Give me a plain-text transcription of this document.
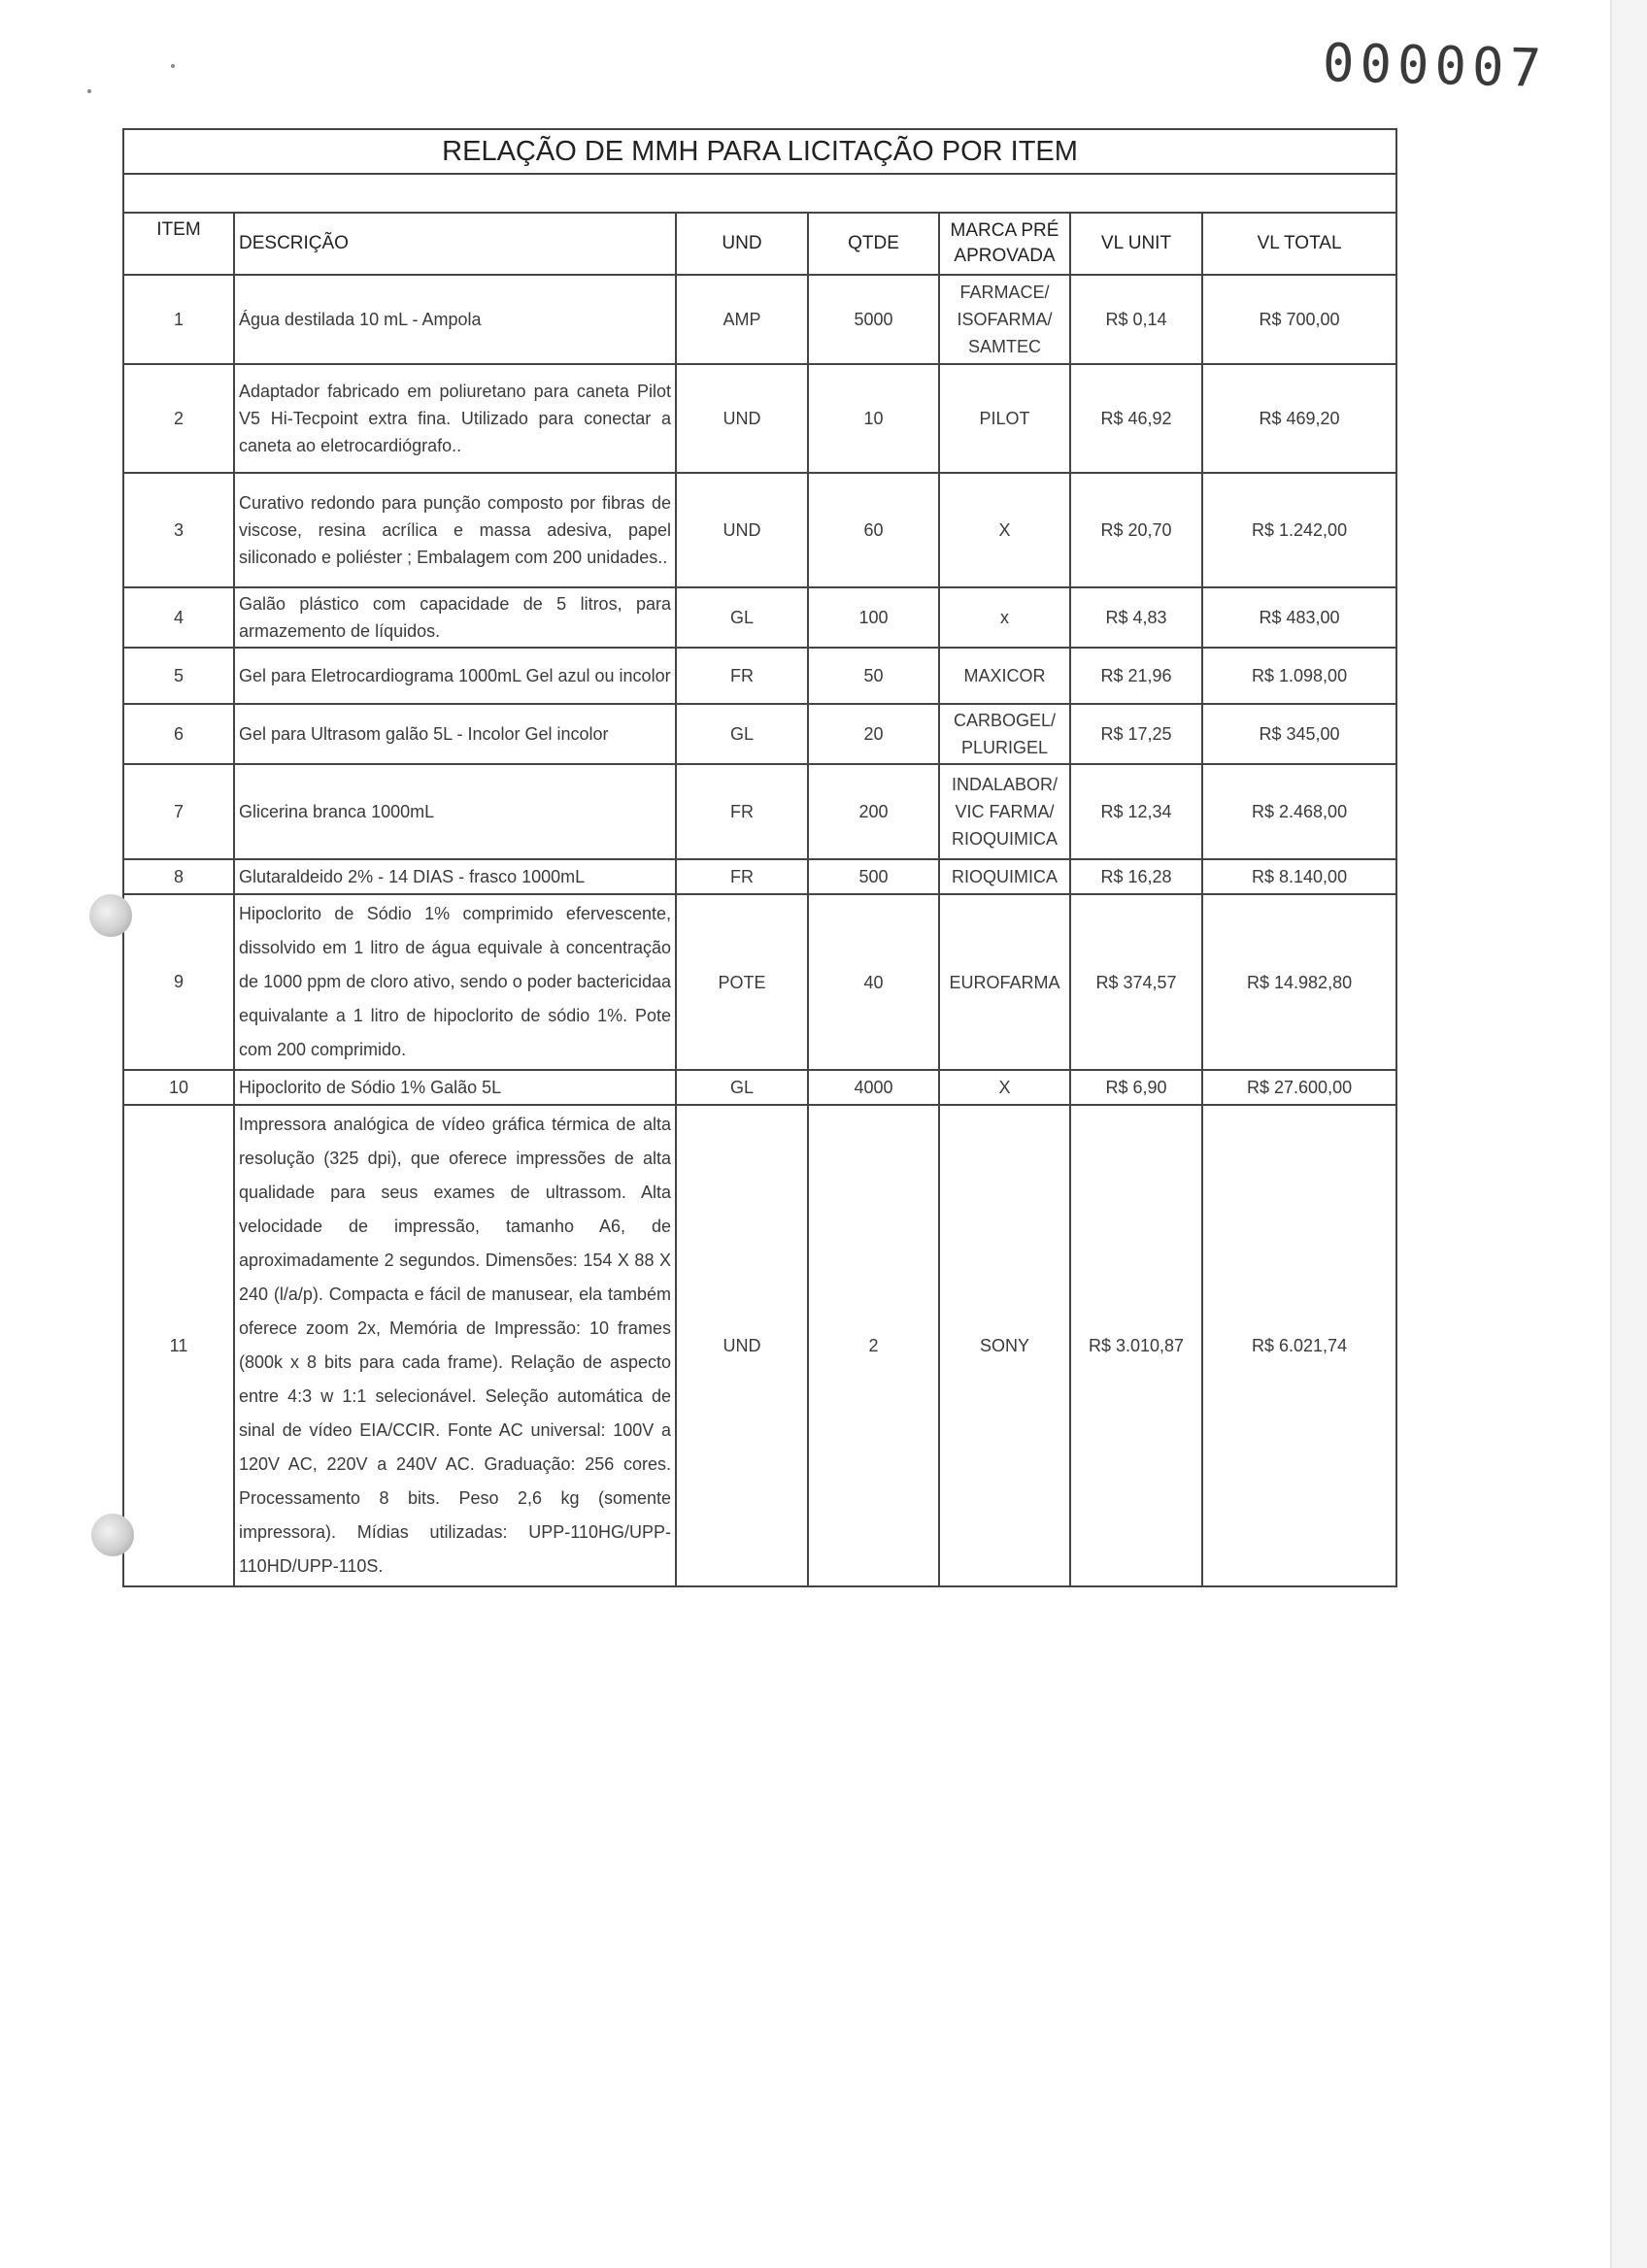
000007
RELAÇÃO DE MMH PARA LICITAÇÃO POR ITEM						

ITEM	DESCRIÇÃO	UND	QTDE	MARCA PRÉ APROVADA	VL UNIT	VL TOTAL
1	Água destilada 10 mL - Ampola	AMP	5000	FARMACE/ ISOFARMA/ SAMTEC	R$ 0,14	R$ 700,00
2	Adaptador fabricado em poliuretano para caneta Pilot V5 Hi-Tecpoint extra fina. Utilizado para conectar a caneta ao eletrocardiógrafo..	UND	10	PILOT	R$ 46,92	R$ 469,20
3	Curativo redondo para punção composto por fibras de viscose, resina acrílica e massa adesiva, papel siliconado e poliéster ; Embalagem com 200 unidades..	UND	60	X	R$ 20,70	R$ 1.242,00
4	Galão plástico com capacidade de 5 litros, para armazemento de líquidos.	GL	100	x	R$ 4,83	R$ 483,00
5	Gel para Eletrocardiograma 1000mL Gel azul ou incolor	FR	50	MAXICOR	R$ 21,96	R$ 1.098,00
6	Gel para Ultrasom galão 5L - Incolor Gel incolor	GL	20	CARBOGEL/ PLURIGEL	R$ 17,25	R$ 345,00
7	Glicerina branca 1000mL	FR	200	INDALABOR/ VIC FARMA/ RIOQUIMICA	R$ 12,34	R$ 2.468,00
8	Glutaraldeido 2% - 14 DIAS - frasco 1000mL	FR	500	RIOQUIMICA	R$ 16,28	R$ 8.140,00
9	Hipoclorito de Sódio 1% comprimido efervescente, dissolvido em 1 litro de água equivale à concentração de 1000 ppm de cloro ativo, sendo o poder bactericidaa equivalante a 1 litro de hipoclorito de sódio 1%. Pote com 200 comprimido.	POTE	40	EUROFARMA	R$ 374,57	R$ 14.982,80
10	Hipoclorito de Sódio 1% Galão 5L	GL	4000	X	R$ 6,90	R$ 27.600,00
11	Impressora analógica de vídeo gráfica térmica de alta resolução (325 dpi), que oferece impressões de alta qualidade para seus exames de ultrassom. Alta velocidade de impressão, tamanho A6, de aproximadamente 2 segundos. Dimensões: 154 X 88 X 240 (l/a/p). Compacta e fácil de manusear, ela também oferece zoom 2x, Memória de Impressão: 10 frames (800k x 8 bits para cada frame). Relação de aspecto entre 4:3 w 1:1 selecionável. Seleção automática de sinal de vídeo EIA/CCIR. Fonte AC universal: 100V a 120V AC, 220V a 240V AC. Graduação: 256 cores. Processamento 8 bits. Peso 2,6 kg (somente impressora). Mídias utilizadas: UPP-110HG/UPP-110HD/UPP-110S.	UND	2	SONY	R$ 3.010,87	R$ 6.021,74
